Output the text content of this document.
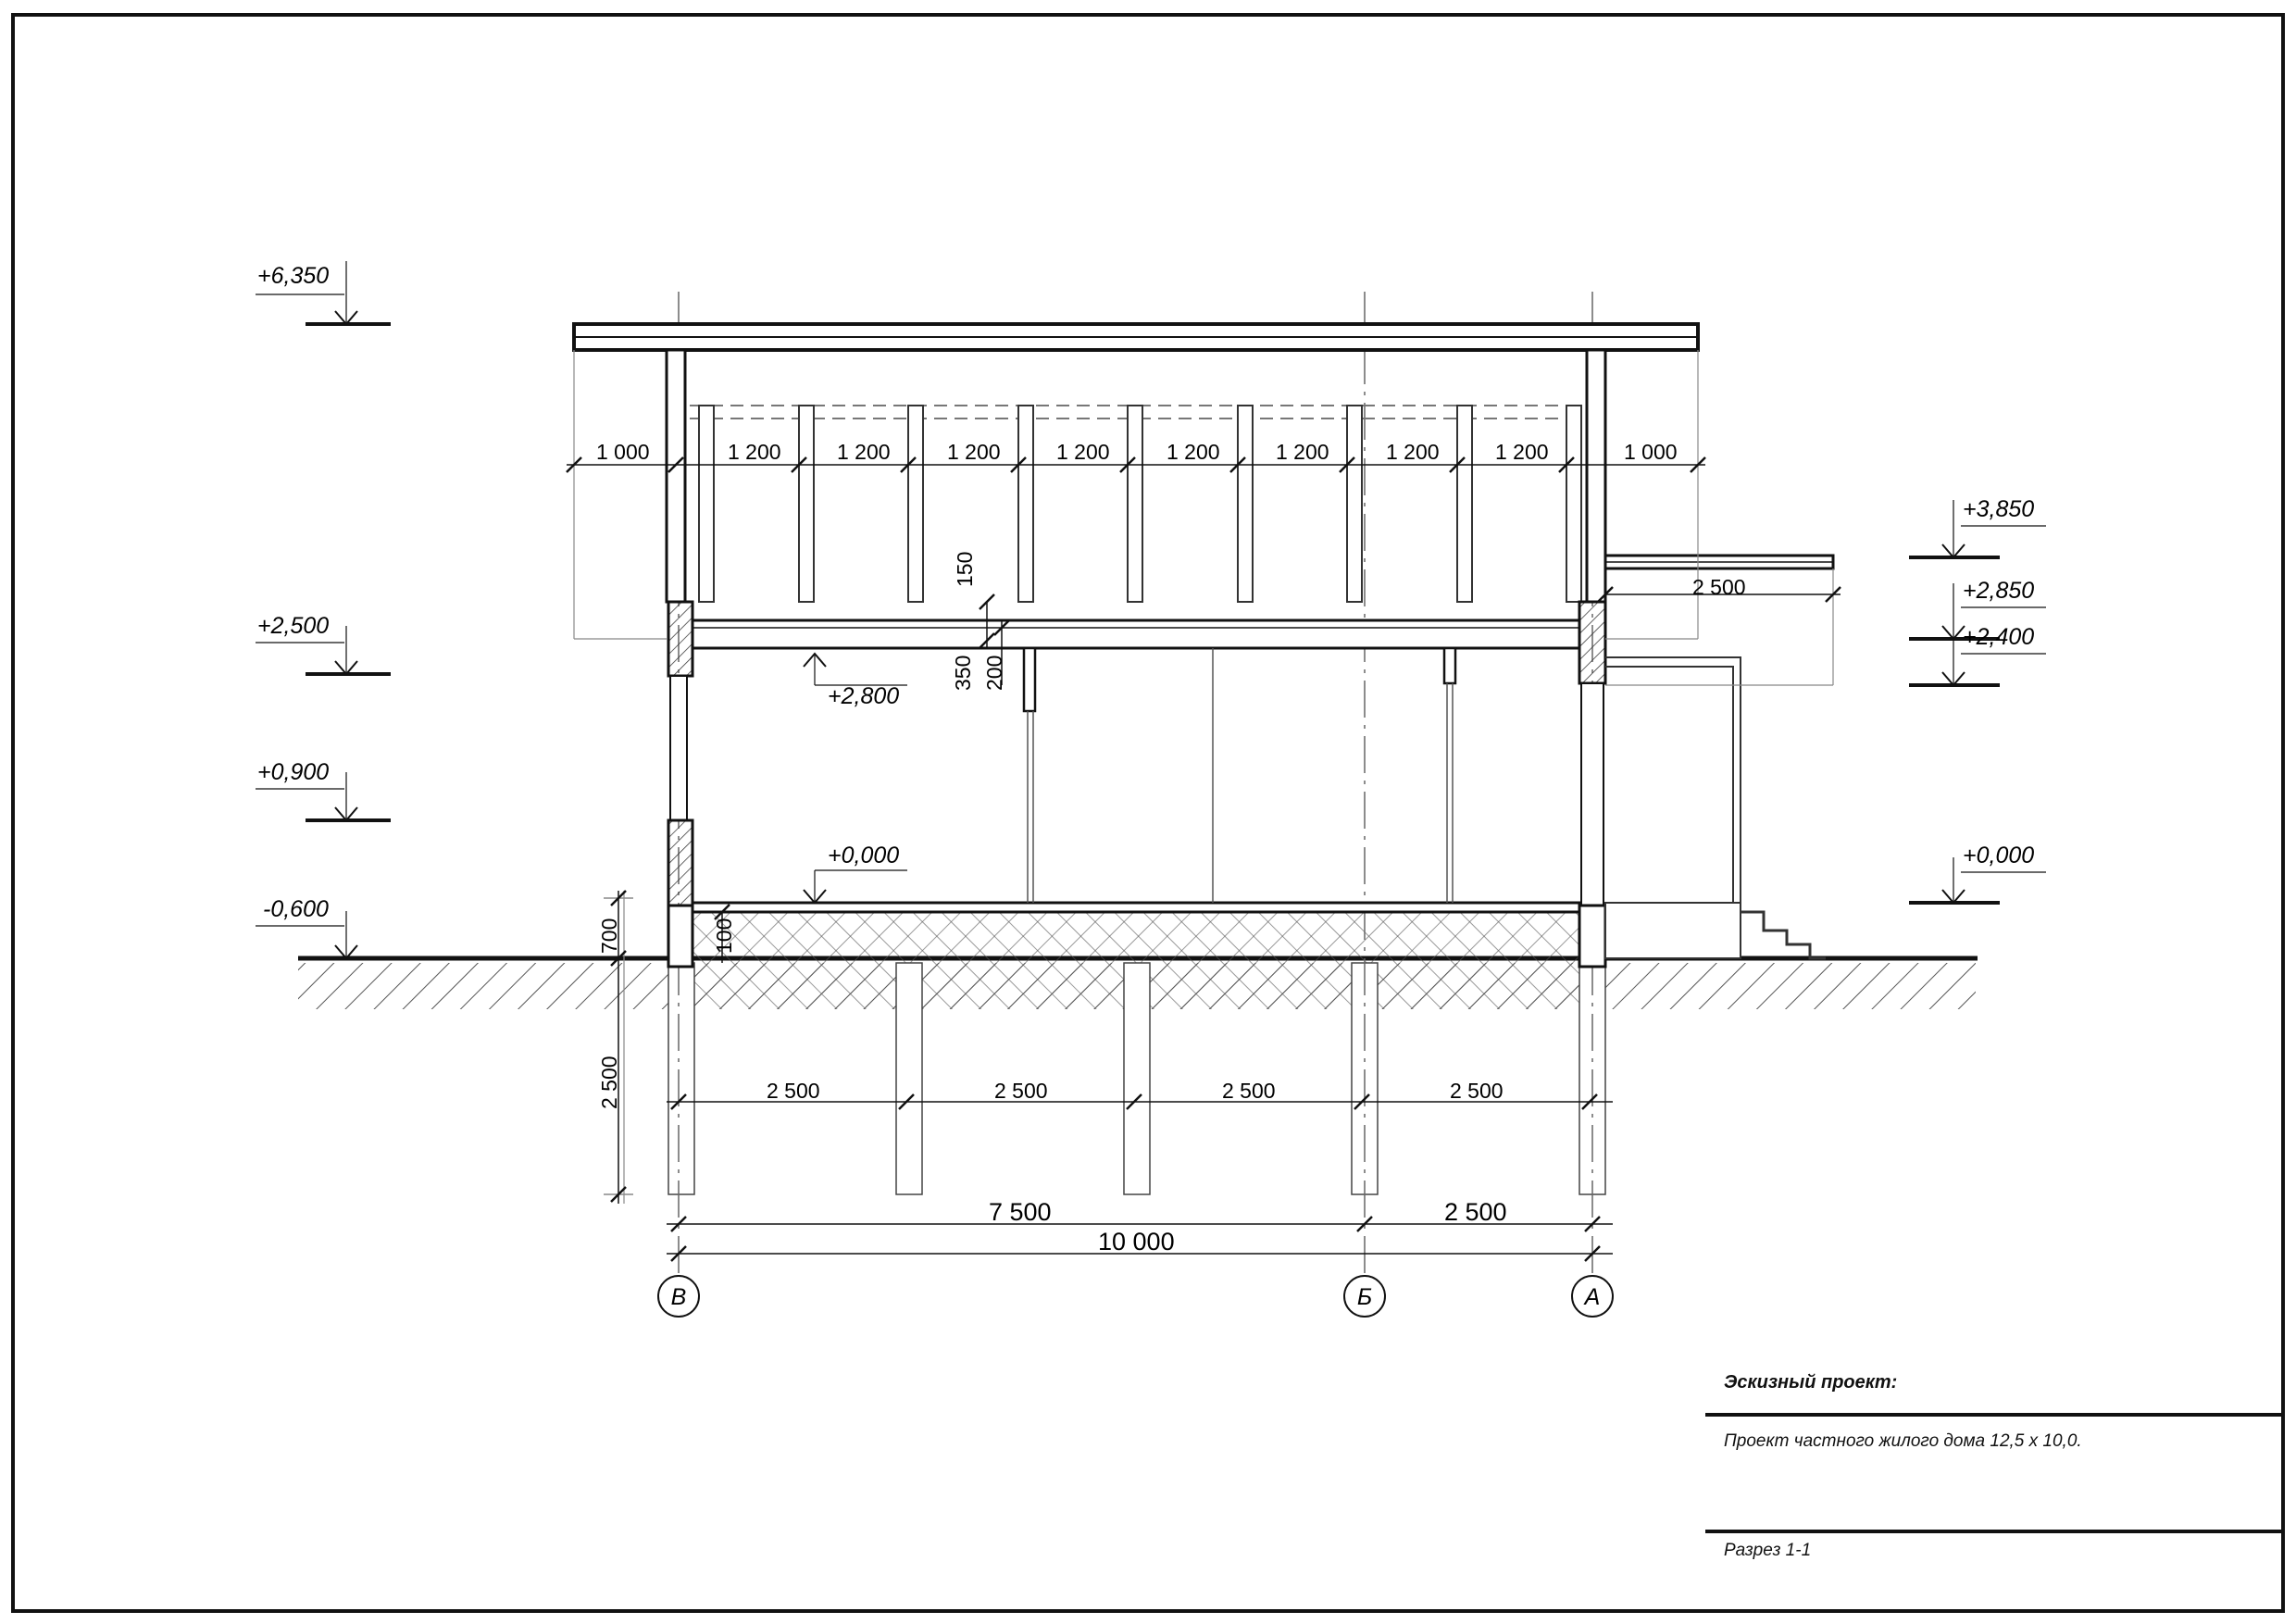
1 000	1 200	1 200	1 200	1 200	1 200	1 200	1 200	1 200	1 000
2 500
150
350 200
700	100
2 500	2 500	2 500	2 500	2 500
7 500	2 500
10 000
В	Б	А
+6,350
+2,500
+0,900
-0,600
+3,850
+2,850
+2,400
+0,000
+2,800
+0,000
Эскизный проект:
Проект частного жилого дома 12,5 х 10,0.
Разрез 1-1
